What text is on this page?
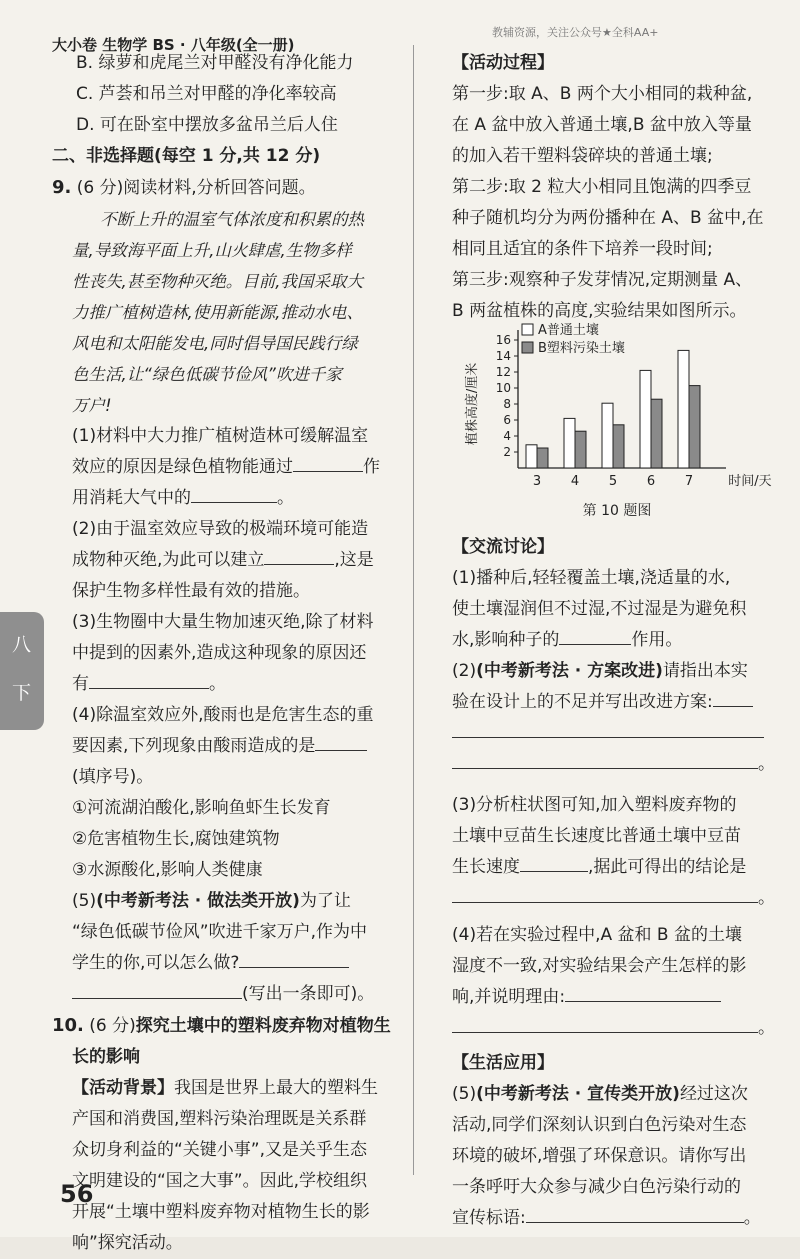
大小卷 生物学 BS · 八年级(全一册)
教辅资源，关注公众号★全科AA+
八
下

B. 绿萝和虎尾兰对甲醛没有净化能力

C. 芦荟和吊兰对甲醛的净化率较高

D. 可在卧室中摆放多盆吊兰后人住

二、非选择题(每空 1 分,共 12 分)

9. (6 分)阅读材料,分析回答问题。

不断上升的温室气体浓度和积累的热

量,导致海平面上升,山火肆虐,生物多样

性丧失,甚至物种灭绝。目前,我国采取大

力推广植树造林,使用新能源,推动水电、

风电和太阳能发电,同时倡导国民践行绿

色生活,让“绿色低碳节俭风”吹进千家

万户!

(1)材料中大力推广植树造林可缓解温室

效应的原因是绿色植物能通过	作

用消耗大气中的	。

(2)由于温室效应导致的极端环境可能造

成物种灭绝,为此可以建立	,这是

保护生物多样性最有效的措施。

(3)生物圈中大量生物加速灭绝,除了材料

中提到的因素外,造成这种现象的原因还

有	。

(4)除温室效应外,酸雨也是危害生态的重

要因素,下列现象由酸雨造成的是

(填序号)。

①河流湖泊酸化,影响鱼虾生长发育

②危害植物生长,腐蚀建筑物

③水源酸化,影响人类健康

(5)(中考新考法 · 做法类开放)为了让

“绿色低碳节俭风”吹进千家万户,作为中

学生的你,可以怎么做?

(写出一条即可)。

10. (6 分)探究土壤中的塑料废弃物对植物生

长的影响

【活动背景】我国是世界上最大的塑料生

产国和消费国,塑料污染治理既是关系群

众切身利益的“关键小事”,又是关乎生态

文明建设的“国之大事”。因此,学校组织

开展“土壤中塑料废弃物对植物生长的影

响”探究活动。

【活动过程】

第一步:取 A、B 两个大小相同的栽种盆,

在 A 盆中放入普通土壤,B 盆中放入等量

的加入若干塑料袋碎块的普通土壤;

第二步:取 2 粒大小相同且饱满的四季豆

种子随机均分为两份播种在 A、B 盆中,在

相同且适宜的条件下培养一段时间;

第三步:观察种子发芽情况,定期测量 A、

B 两盆植株的高度,实验结果如图所示。

2
4
6
8
10
12
14
16
植株高度/厘米
3 4 5 6 7	时间/天
A普通土壤
B塑料污染土壤
第 10 题图

【交流讨论】

(1)播种后,轻轻覆盖土壤,浇适量的水,

使土壤湿润但不过湿,不过湿是为避免积

水,影响种子的	作用。

(2)(中考新考法 · 方案改进)请指出本实

验在设计上的不足并写出改进方案:

。

(3)分析柱状图可知,加入塑料废弃物的

土壤中豆苗生长速度比普通土壤中豆苗

生长速度	,据此可得出的结论是

。

(4)若在实验过程中,A 盆和 B 盆的土壤

湿度不一致,对实验结果会产生怎样的影

响,并说明理由:

。

【生活应用】

(5)(中考新考法 · 宣传类开放)经过这次

活动,同学们深刻认识到白色污染对生态

环境的破坏,增强了环保意识。请你写出

一条呼吁大众参与减少白色污染行动的

宣传标语:	。

56
